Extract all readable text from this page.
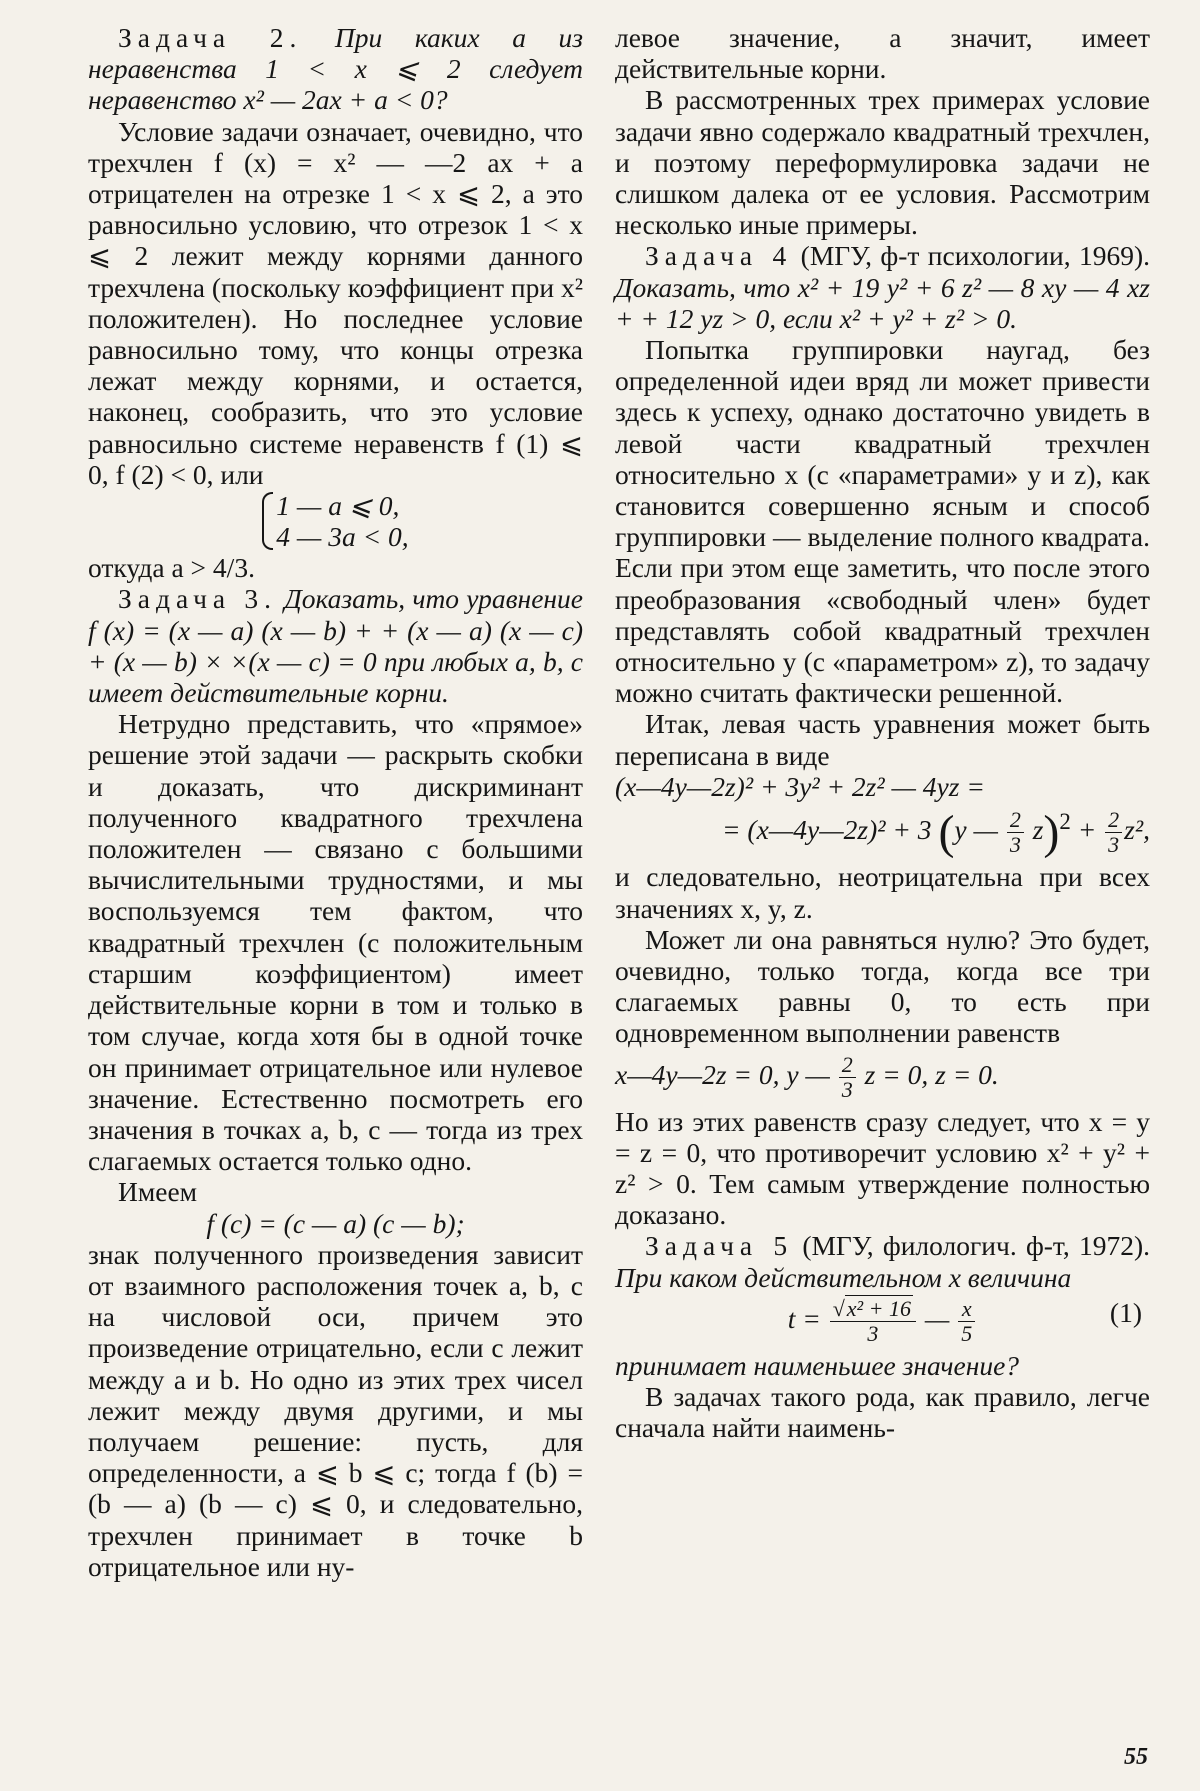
Задача 2. При каких a из неравенства 1 < x ⩽ 2 следует неравенство x² — 2ax + a < 0?

Условие задачи означает, очевидно, что трехчлен f (x) = x² — —2 ax + a отрицателен на отрезке 1 < x ⩽ 2, а это равносильно условию, что отрезок 1 < x ⩽ 2 лежит между корнями данного трехчлена (поскольку коэффициент при x² положителен). Но последнее условие равносильно тому, что концы отрезка лежат между корнями, и остается, наконец, сообразить, что это условие равносильно системе неравенств f (1) ⩽ 0, f (2) < 0, или

1 — a ⩽ 0,
4 — 3a < 0,

откуда a > 4/3.

Задача 3. Доказать, что уравнение f (x) = (x — a) (x — b) + + (x — a) (x — c) + (x — b) × ×(x — c) = 0 при любых a, b, c имеет действительные корни.

Нетрудно представить, что «прямое» решение этой задачи — раскрыть скобки и доказать, что дискриминант полученного квадратного трехчлена положителен — связано с большими вычислительными трудностями, и мы воспользуемся тем фактом, что квадратный трехчлен (с положительным старшим коэффициентом) имеет действительные корни в том и только в том случае, когда хотя бы в одной точке он принимает отрицательное или нулевое значение. Естественно посмотреть его значения в точках a, b, c — тогда из трех слагаемых остается только одно.

Имеем

f (c) = (c — a) (c — b);

знак полученного произведения зависит от взаимного расположения точек a, b, c на числовой оси, причем это произведение отрицательно, если c лежит между a и b. Но одно из этих трех чисел лежит между двумя другими, и мы получаем решение: пусть, для определенности, a ⩽ b ⩽ c; тогда f (b) = (b — a) (b — c) ⩽ 0, и следовательно, трехчлен принимает в точке b отрицательное или ну-

левое значение, а значит, имеет действительные корни.

В рассмотренных трех примерах условие задачи явно содержало квадратный трехчлен, и поэтому переформулировка задачи не слишком далека от ее условия. Рассмотрим несколько иные примеры.

Задача 4 (МГУ, ф-т психологии, 1969). Доказать, что x² + 19 y² + 6 z² — 8 xy — 4 xz + + 12 yz > 0, если x² + y² + z² > 0.

Попытка группировки наугад, без определенной идеи вряд ли может привести здесь к успеху, однако достаточно увидеть в левой части квадратный трехчлен относительно x (с «параметрами» y и z), как становится совершенно ясным и способ группировки — выделение полного квадрата. Если при этом еще заметить, что после этого преобразования «свободный член» будет представлять собой квадратный трехчлен относительно y (с «параметром» z), то задачу можно считать фактически решенной.

Итак, левая часть уравнения может быть переписана в виде

(x—4y—2z)² + 3y² + 2z² — 4yz =

= (x—4y—2z)² + 3 (y — $\frac{2}{3} z)^2 + \frac{2}{3} z^2$,

и следовательно, неотрицательна при всех значениях x, y, z.

Может ли она равняться нулю? Это будет, очевидно, только тогда, когда все три слагаемых равны 0, то есть при одновременном выполнении равенств

x—4y—2z = 0, y — $\frac{2}{3}$ z = 0, z = 0.

Но из этих равенств сразу следует, что x = y = z = 0, что противоречит условию x² + y² + z² > 0. Тем самым утверждение полностью доказано.

Задача 5 (МГУ, филологич. ф-т, 1972). При каком действительном x величина

$t = \frac{\text{√x² + 16}}{3}$ — $\frac{x}{5}$	(1)

принимает наименьшее значение?

В задачах такого рода, как правило, легче сначала найти наимень-

55
